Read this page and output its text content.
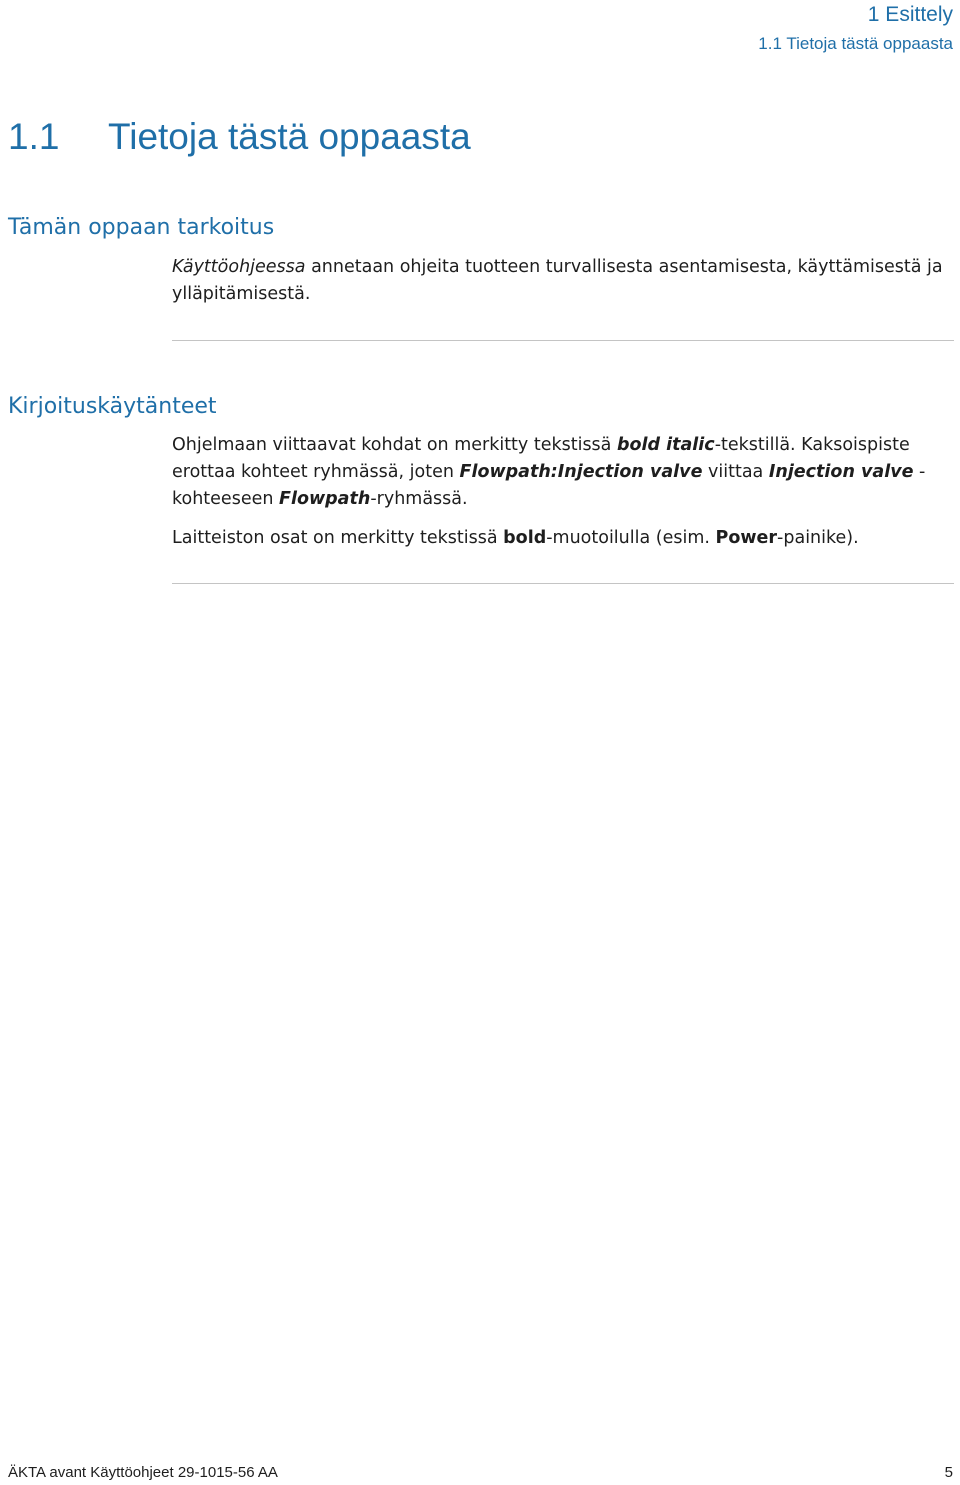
1 Esittely
1.1 Tietoja tästä oppaasta
1.1 Tietoja tästä oppaasta
Tämän oppaan tarkoitus

Käyttöohjeessa annetaan ohjeita tuotteen turvallisesta asentamisesta, käyttämisestä ja ylläpitämisestä.

Kirjoituskäytänteet

Ohjelmaan viittaavat kohdat on merkitty tekstissä bold italic-tekstillä. Kaksoispiste erottaa kohteet ryhmässä, joten Flowpath:Injection valve viittaa Injection valve -kohteeseen Flowpath-ryhmässä.

Laitteiston osat on merkitty tekstissä bold-muotoilulla (esim. Power-painike).

ÄKTA avant Käyttöohjeet 29-1015-56 AA	5
